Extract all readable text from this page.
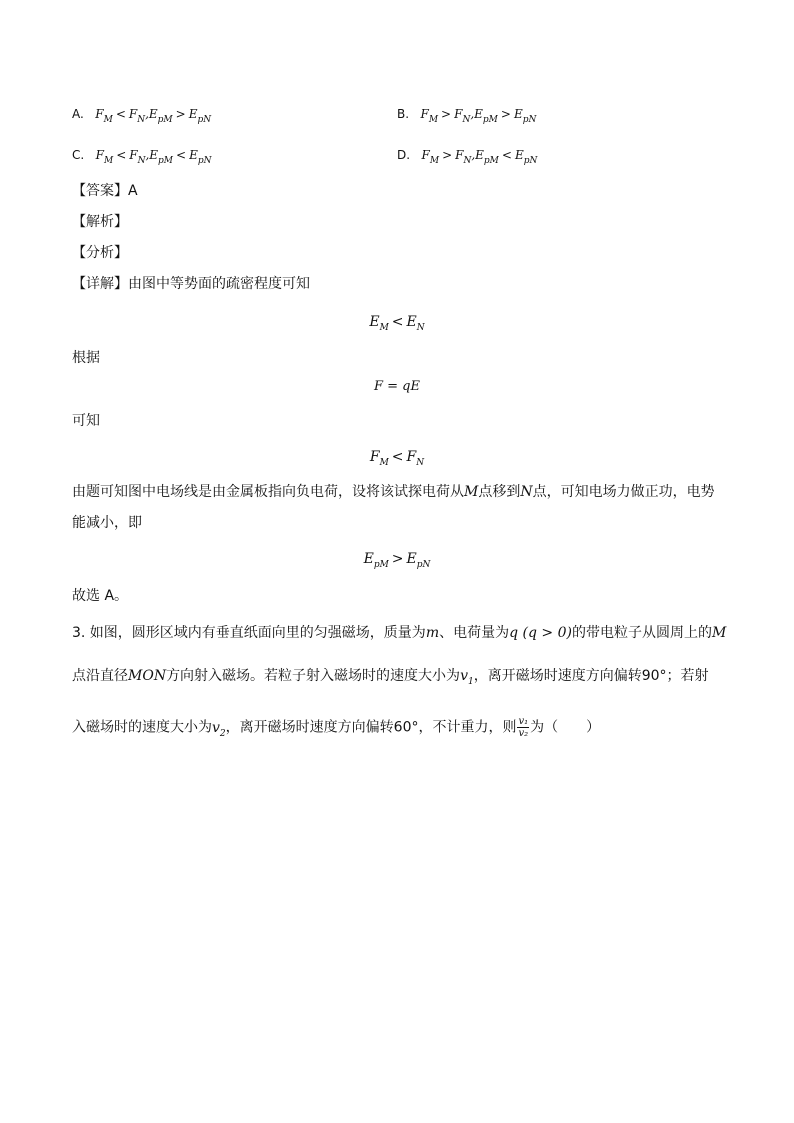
A. $F_M < F_N,E_{pM} > E_{pN}$	B. $F_M > F_N,E_{pM} > E_{pN}$
C. $F_M < F_N,E_{pM} < E_{pN}$	D. $F_M > F_N,E_{pM} < E_{pN}$
【答案】A
【解析】
【分析】
【详解】由图中等势面的疏密程度可知
$E_M < E_N$
根据
F = qE
可知
$F_M < F_N$
由题可知图中电场线是由金属板指向负电荷，设将该试探电荷从M点移到N点，可知电场力做正功，电势
能减小，即
$E_{pM} > E_{pN}$
故选 A。
3. 如图，圆形区域内有垂直纸面向里的匀强磁场，质量为m、电荷量为q (q > 0)的带电粒子从圆周上的M
点沿直径MON方向射入磁场。若粒子射入磁场时的速度大小为$v_1$，离开磁场时速度方向偏转90°；若射
入磁场时的速度大小为$v_2$，离开磁场时速度方向偏转60°，不计重力，则 $\frac{\text{v₁}}{\text{v₂}}$ 为（　　）
